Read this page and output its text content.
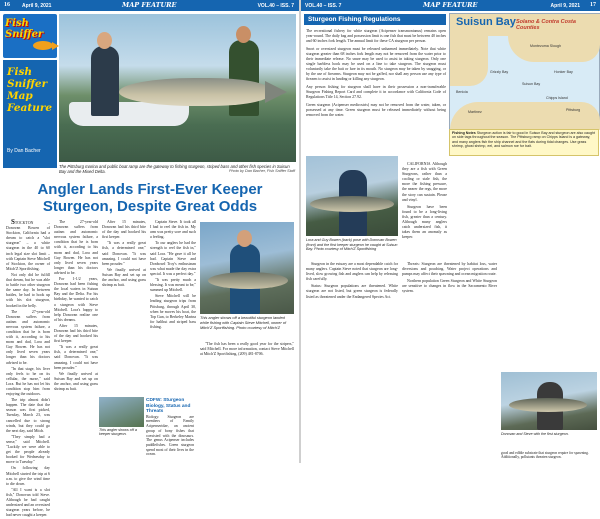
16 April 9, 2021	MAP FEATURE	VOL.40 – ISS. 7
Fish
Sniffer
Fish
Sniffer
Map
Feature
By Dan Bacher
The Pittsburg marina and public boat ramp are the gateway to fishing sturgeon, striped bass and other fish species in Suisun Bay and the Mixed Delta.	Photo by Dan Bacher, Fish Sniffer Staff
Angler Lands First-Ever Keeper Sturgeon, Despite Great Odds

STOCKTON – Donovan Bowen of Stockton, California had a dream to catch a "slot sturgeon" – a white sturgeon in the 40 to 60 inch legal size slot limit – with Captain Steve Mitchell of Stockton, the owner of Mitch'Z Sportfishing.

Not only did he fulfill that dream, but he was able to battle two other sturgeon the same day. In between battles, he had to hook up with his slot sturgeon, hooked in the belly.

The 27-year-old Donovan suffers from autism and autonomic nervous system failure, a condition that he is born with it, according to his mom and dad, Lora and Guy Bowen. He has not only lived seven years longer than his doctors advised to be.

"In that stage, his liver only feels to be on its cellular, the nurse," said Lora. But he has not let his condition stop him from enjoying the outdoors.

The trip almost didn't happen. The date that the season was first picked, Tuesday, March 23, was cancelled due to strong winds, but they could go the next day, said Mitch.

"They simply had a sense," said Mitchell. "Luckily we were able to get the people already booked for Wednesday to move to Tuesday."

On following day Mitchell started the trip at 6 a.m. to give the wind time to die down.

"All I want is a slot fish," Donovan told Steve. Although he had caught undersized and an oversized sturgeon years before, he had never caught a keeper.

The 27-year-old Donovan suffers from autism and autonomic nervous system failure, a condition that he is born with it, according to his mom and dad, Lora and Guy Bowen. He has not only lived seven years longer than his doctors advised to be.

For 1-1/2 years, Donovan had been fishing the local waters in Suisun Bay and the Delta. For his birthday, he wanted to catch a sturgeon with Steve Mitchell. Lora's happy to help Donovan realize one of his dreams.

After 15 minutes, Donovan had his third bite of the day and hooked his first keeper.

"It was a really great fish, a determined one," said Donovan. "It was amazing. I could not have been prouder."

We finally arrived at Suisun Bay and set up on the anchor, and using grass shrimp as bait.

After 15 minutes, Donovan had his third bite of the day and hooked his first keeper.

"It was a really great fish, a determined one," said Donovan. "It was amazing. I could not have been prouder."

We finally arrived at Suisun Bay and set up on the anchor, and using grass shrimp as bait.

This angler shows off a keeper sturgeon.

Captain Steve. It took all I had to reel the fish in. My arm was pretty sore and such a feeling.

To our anglers he had the strength to reel the fish in," said Lora. "He gave it all he had. Captain Steve and Donbowd Troy's enthusiasm was what made the day extra special. It was a perfect day."

"It was pretty much a blessing. It was meant to be," summed up Mitchell.

Steve Mitchell will be leading sturgeon trips from Pittsburg, through April 30, when he moves his boat, the Top Gun, to Berkeley Marina for halibut and striped bass fishing.

CDFW: Sturgeon Biology, Status and Threats
Biology: Sturgeon are members of Family Acipenseridae, an ancient group of bony fishes that coexisted with the dinosaurs. The genus Acipenser includes paddlefishes. Green sturgeon spend most of their lives in the ocean.
This angler shows off a beautiful sturgeon landed while fishing with Captain Steve Mitchell, owner of Mitch'Z Sportfishing. Photo courtesy of Mitch'Z

"The fish has been a really good year for the stripers," said Mitchell. For more information, contact Steve Mitchell at Mitch'Z Sportfishing, (209) 481-8706.

VOL.40 – ISS. 7	MAP FEATURE	April 9, 2021 17
Sturgeon Fishing Regulations

The recreational fishery for white sturgeon (Acipenser transmontanus) remains open year-round. The daily bag and possession limit is one fish that must be between 40 inches and 60 inches fork length. The annual limit for these CA sturgeon per person.

Snort or oversized sturgeon must be released unharmed immediately. Note that white sturgeon greater than 68 inches fork length may not be removed from the water prior to their immediate release. No snare may be used to assist in taking sturgeon. Only one single barbless hook may be used on a line to take sturgeon. The sturgeon must voluntarily take the bait or lure in its mouth. No sturgeon may be taken by snagging, or by the use of firearms. Sturgeon may not be gaffed, nor shall any person use any type of firearm to assist in landing or killing any sturgeon.

Any person fishing for sturgeon shall have in their possession a non-transferable Sturgeon Fishing Report Card and complete it in accordance with California Code of Regulations Title 14, Section 27.92.

Green sturgeon (Acipenser medirostris) may not be removed from the water, taken, or possessed at any time. Green sturgeon must be released immediately without being removed from the water.

Suisun Bay Solano & Contra Costa Counties
Grizzly Bay
Suisun Bay
Montezuma Slough
Honker Bay
Pittsburg
Chipps Island
Martinez
Benicia
Fishing Notes Sturgeon action is fair to good in Suisun Bay and sturgeon are also caught on side tags throughout the season. The Pittsburg ramp on Chipps Island is a gateway, and many anglers fish the ship channel and the flats during tidal changes. Use grass shrimp, ghost shrimp, eel, and salmon roe for bait.
Lora and Guy Bowen (back) pose with Donovan Bowen (front) and the first keeper sturgeon he caught at Suisun Bay. Photo courtesy of Mitch'Z Sportfishing

CALIFORNIA Although they are a fish with Green Sturgeons, rather than a cooling or stale fish, the more the fishing pressure, the nearer the regs, the more the story can sustain. Please and vinyl.

Sturgeon have been found to be a long-living fish, greater than a century. Although many anglers catch undersized fish, it takes them an anomaly as keeper.

Sturgeon in the estuary are a most dependable catch for many anglers. Captain Steve noted that sturgeon are long-lived, slow growing fish and anglers can help by releasing fish carefully.

Status: Sturgeon populations are threatened. White sturgeon are not listed, but green sturgeon is federally listed as threatened under the Endangered Species Act.

Threats: Sturgeon are threatened by habitat loss, water diversions and poaching. Water project operations and pumps may affect their spawning and ocean migration route.

Northern population Green Sturgeon and White Sturgeon are sensitive to changes in flow in the Sacramento River system.

Donovan and Steve with the first sturgeon.
good and edible substrate that sturgeon require for spawning. Additionally, pollutants threaten sturgeon.
